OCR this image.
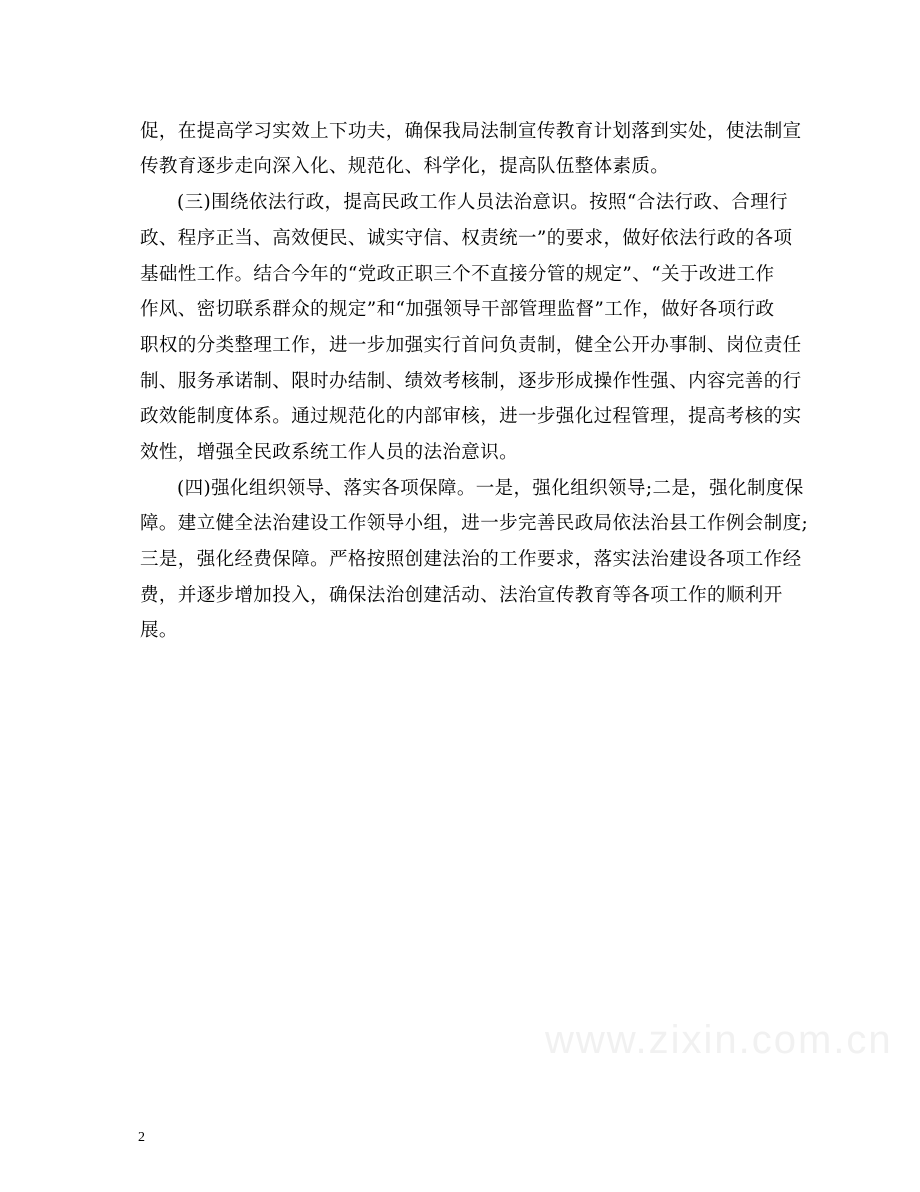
促，在提高学习实效上下功夫，确保我局法制宣传教育计划落到实处，使法制宣
传教育逐步走向深入化、规范化、科学化，提高队伍整体素质。
(三)围绕依法行政，提高民政工作人员法治意识。按照“合法行政、合理行
政、程序正当、高效便民、诚实守信、权责统一”的要求，做好依法行政的各项
基础性工作。结合今年的“党政正职三个不直接分管的规定”、“关于改进工作
作风、密切联系群众的规定”和“加强领导干部管理监督”工作，做好各项行政
职权的分类整理工作，进一步加强实行首问负责制，健全公开办事制、岗位责任
制、服务承诺制、限时办结制、绩效考核制，逐步形成操作性强、内容完善的行
政效能制度体系。通过规范化的内部审核，进一步强化过程管理，提高考核的实
效性，增强全民政系统工作人员的法治意识。
(四)强化组织领导、落实各项保障。一是，强化组织领导;二是，强化制度保
障。建立健全法治建设工作领导小组，进一步完善民政局依法治县工作例会制度;
三是，强化经费保障。严格按照创建法治的工作要求，落实法治建设各项工作经
费，并逐步增加投入，确保法治创建活动、法治宣传教育等各项工作的顺利开
展。
www.zixin.com.cn
2
